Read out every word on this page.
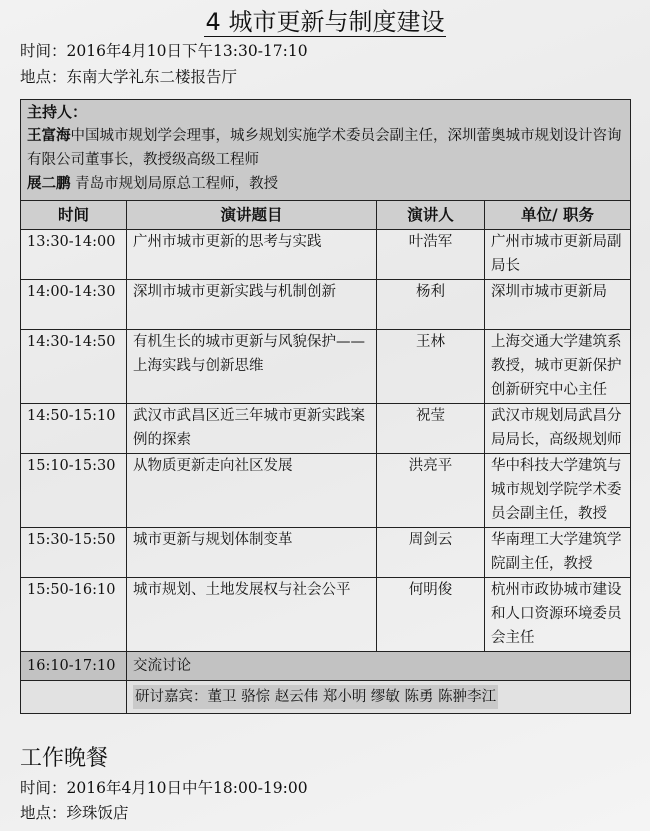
4 城市更新与制度建设
时间：2016年4月10日下午13:30-17:10
地点：东南大学礼东二楼报告厅
主持人：
王富海中国城市规划学会理事，城乡规划实施学术委员会副主任，深圳蕾奥城市规划设计咨询有限公司董事长，教授级高级工程师
展二鹏 青岛市规划局原总工程师，教授			

时间	演讲题目	演讲人	单位/ 职务
13:30-14:00	广州市城市更新的思考与实践	叶浩军	广州市城市更新局副局长
14:00-14:30	深圳市城市更新实践与机制创新	杨利	深圳市城市更新局
14:30-14:50	有机生长的城市更新与风貌保护——上海实践与创新思维	王林	上海交通大学建筑系教授，城市更新保护创新研究中心主任
14:50-15:10	武汉市武昌区近三年城市更新实践案例的探索	祝莹	武汉市规划局武昌分局局长，高级规划师
15:10-15:30	从物质更新走向社区发展	洪亮平	华中科技大学建筑与城市规划学院学术委员会副主任，教授
15:30-15:50	城市更新与规划体制变革	周剑云	华南理工大学建筑学院副主任，教授
15:50-16:10	城市规划、土地发展权与社会公平	何明俊	杭州市政协城市建设和人口资源环境委员会主任
16:10-17:10	交流讨论		
	研讨嘉宾：董卫 骆悰 赵云伟 郑小明 缪敏 陈勇 陈翀李江		
工作晚餐
时间：2016年4月10日中午18:00-19:00
地点：珍珠饭店
